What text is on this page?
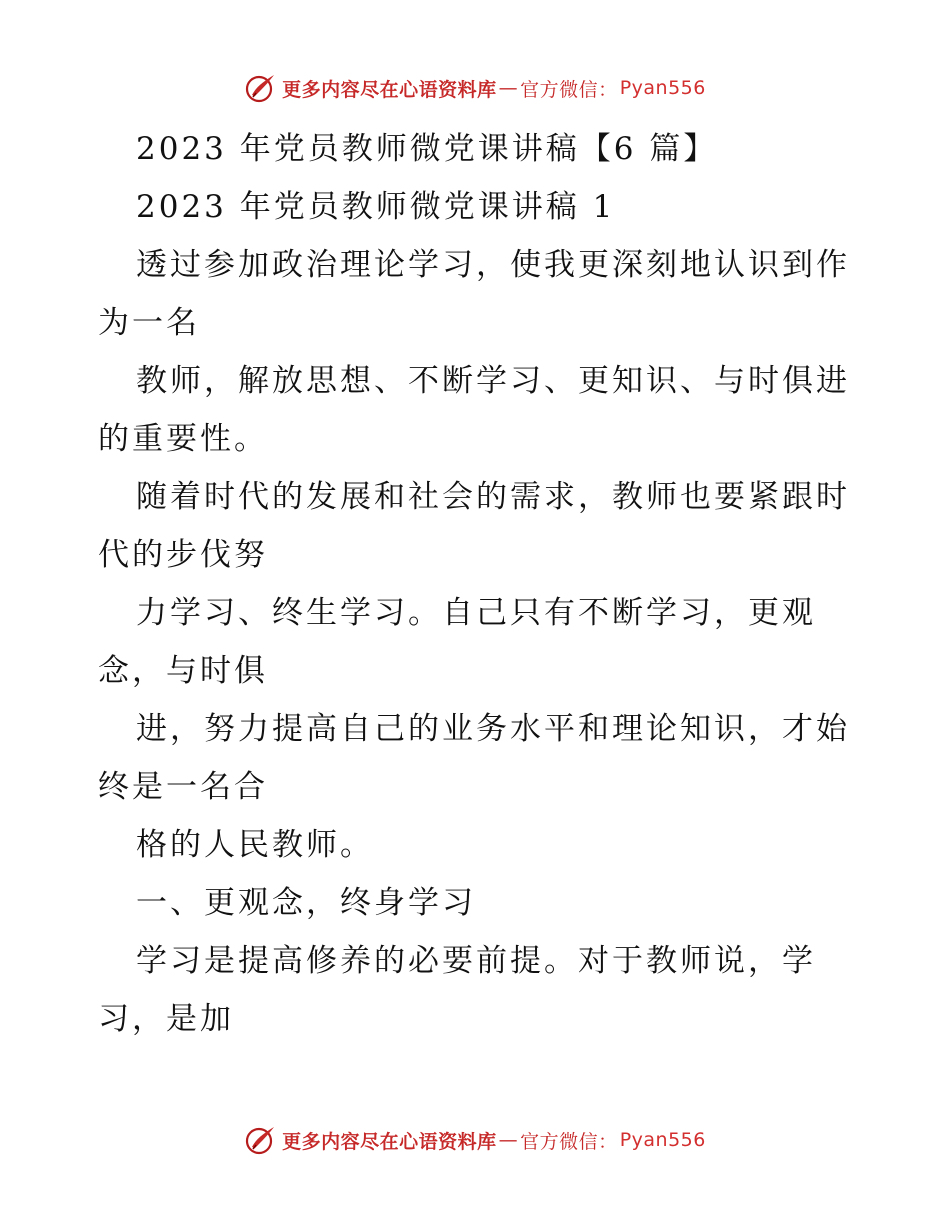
更多内容尽在心语资料库 — 官方微信： Pyan556
2023 年党员教师微党课讲稿【6 篇】
2023 年党员教师微党课讲稿 1
透过参加政治理论学习，使我更深刻地认识到作
为一名
教师，解放思想、不断学习、更知识、与时俱进
的重要性。
随着时代的发展和社会的需求，教师也要紧跟时
代的步伐努
力学习、终生学习。自己只有不断学习，更观
念，与时俱
进，努力提高自己的业务水平和理论知识，才始
终是一名合
格的人民教师。
一、更观念，终身学习
学习是提高修养的必要前提。对于教师说，学
习，是加
更多内容尽在心语资料库 — 官方微信： Pyan556
